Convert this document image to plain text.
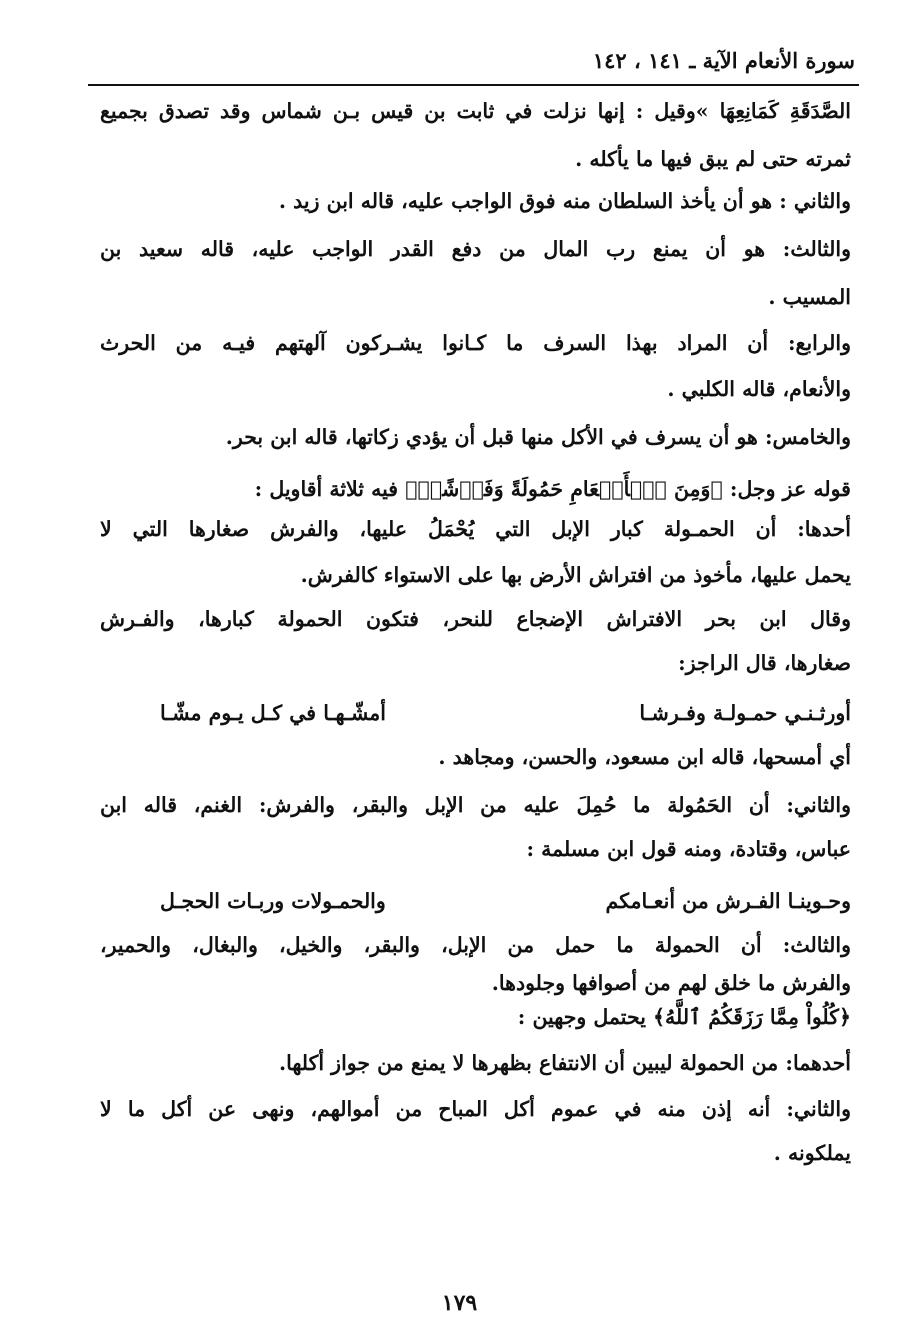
سورة الأنعام الآية ـ ١٤١ ، ١٤٢
الصَّدَقَةِ كَمَانِعِهَا »وقيل : إنها نزلت في ثابت بن قيس بـن شماس وقد تصدق بجميع
ثمرته حتى لم يبق فيها ما يأكله .
والثاني : هو أن يأخذ السلطان منه فوق الواجب عليه، قاله ابن زيد .
والثالث: هو أن يمنع رب المال من دفع القدر الواجب عليه، قاله سعيد بن
المسيب .
والرابع: أن المراد بهذا السرف ما كـانوا يشـركون آلهتهم فيـه من الحرث
والأنعام، قاله الكلبي .
والخامس: هو أن يسرف في الأكل منها قبل أن يؤدي زكاتها، قاله ابن بحر.
قوله عز وجل: ﴿وَمِنَ ٱلۡأَنۡعَامِ حَمُولَةً وَفَرۡشًاۚ﴾ فيه ثلاثة أقاويل :
أحدها: أن الحمـولة كبار الإبل التي يُحْمَلُ عليها، والفرش صغارها التي لا
يحمل عليها، مأخوذ من افتراش الأرض بها على الاستواء كالفرش.
وقال ابن بحر الافتراش الإضجاع للنحر، فتكون الحمولة كبارها، والفـرش
صغارها، قال الراجز:
أورثـنـي حمـولـة وفـرشـا
أمشّـهـا في كـل يـوم مشّـا
أي أمسحها، قاله ابن مسعود، والحسن، ومجاهد .
والثاني: أن الحَمُولة ما حُمِلَ عليه من الإبل والبقر، والفرش: الغنم، قاله ابن
عباس، وقتادة، ومنه قول ابن مسلمة :
وحـوينـا الفـرش من أنعـامكم
والحمـولات وربـات الحجـل
والثالث: أن الحمولة ما حمل من الإبل، والبقر، والخيل، والبغال، والحمير،
والفرش ما خلق لهم من أصوافها وجلودها.
﴿كُلُواْ مِمَّا رَزَقَكُمُ ٱللَّهُ﴾ يحتمل وجهين :
أحدهما: من الحمولة ليبين أن الانتفاع بظهرها لا يمنع من جواز أكلها.
والثاني: أنه إذن منه في عموم أكل المباح من أموالهم، ونهى عن أكل ما لا
يملكونه .
١٧٩
